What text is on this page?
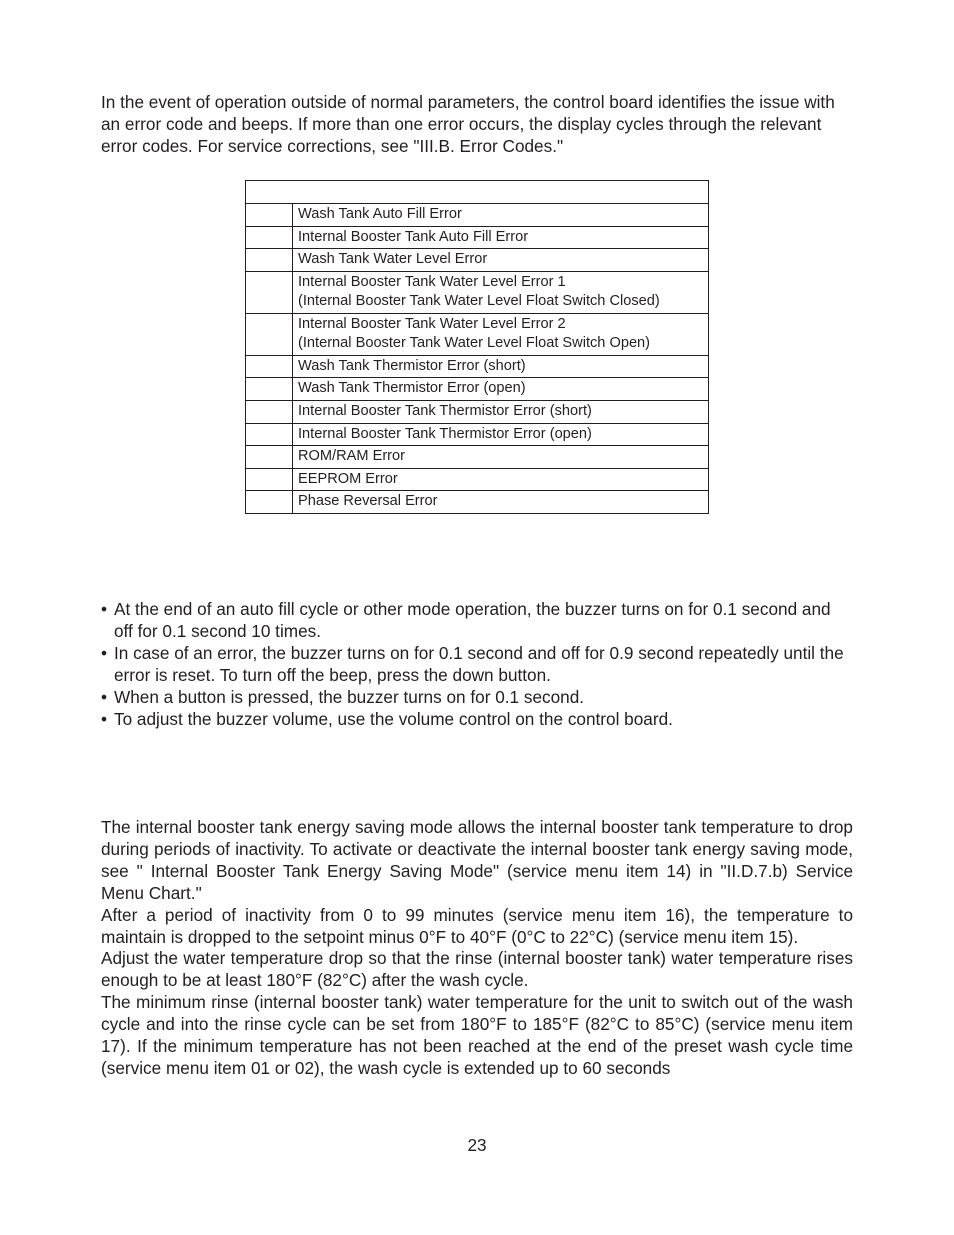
In the event of operation outside of normal parameters, the control board identifies the issue with an error code and beeps. If more than one error occurs, the display cycles through the relevant error codes. For service corrections, see "III.B. Error Codes."

	Wash Tank Auto Fill Error
	Internal Booster Tank Auto Fill Error
	Wash Tank Water Level Error
	Internal Booster Tank Water Level Error 1
(Internal Booster Tank Water Level Float Switch Closed)
	Internal Booster Tank Water Level Error 2
(Internal Booster Tank Water Level Float Switch Open)
	Wash Tank Thermistor Error (short)
	Wash Tank Thermistor Error (open)
	Internal Booster Tank Thermistor Error (short)
	Internal Booster Tank Thermistor Error (open)
	ROM/RAM Error
	EEPROM Error
	Phase Reversal Error
• At the end of an auto fill cycle or other mode operation, the buzzer turns on for 0.1 second and off for 0.1 second 10 times.
• In case of an error, the buzzer turns on for 0.1 second and off for 0.9 second repeatedly until the error is reset. To turn off the beep, press the down button.
• When a button is pressed, the buzzer turns on for 0.1 second.
• To adjust the buzzer volume, use the volume control on the control board.

The internal booster tank energy saving mode allows the internal booster tank temperature to drop during periods of inactivity. To activate or deactivate the internal booster tank energy saving mode, see " Internal Booster Tank Energy Saving Mode" (service menu item 14) in "II.D.7.b) Service Menu Chart."

After a period of inactivity from 0 to 99 minutes (service menu item 16), the temperature to maintain is dropped to the setpoint minus 0°F to 40°F (0°C to 22°C) (service menu item 15).

Adjust the water temperature drop so that the rinse (internal booster tank) water temperature rises enough to be at least 180°F (82°C) after the wash cycle.

The minimum rinse (internal booster tank) water temperature for the unit to switch out of the wash cycle and into the rinse cycle can be set from 180°F to 185°F (82°C to 85°C) (service menu item 17). If the minimum temperature has not been reached at the end of the preset wash cycle time (service menu item 01 or 02), the wash cycle is extended up to 60 seconds

23
